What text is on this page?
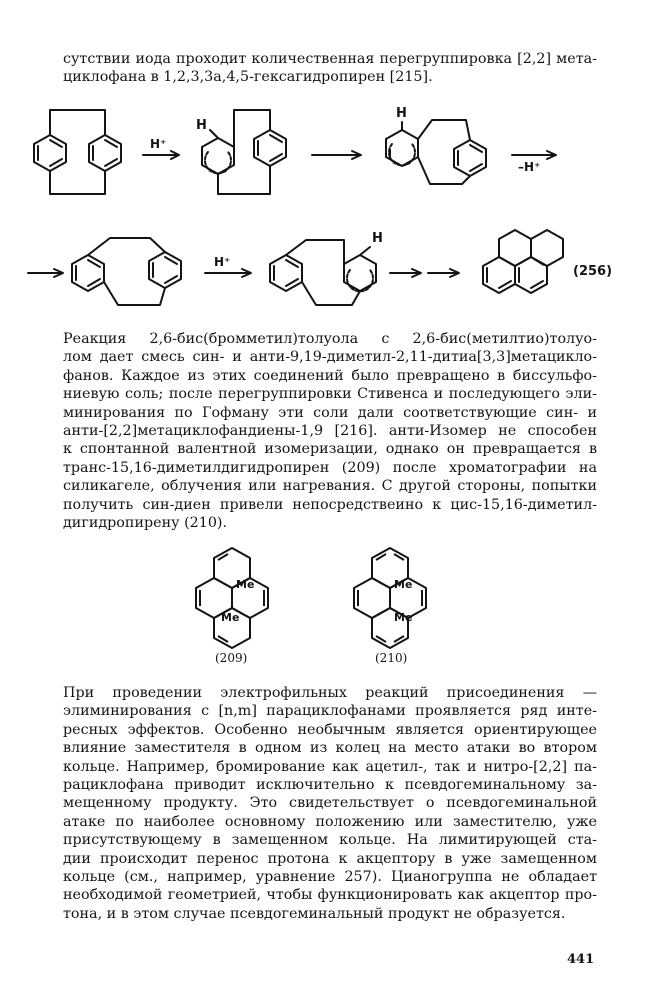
сутствии иода проходит количественная перегруппировка [2,2] мета-
циклофана в 1,2,3,3а,4,5-гексагидропирен [215].
H⁺
H
H
–H⁺
H⁺
H
(256)
Реакция 2,6-бис(бромметил)толуола с 2,6-бис(метилтио)толуо-
лом дает смесь син- и анти-9,19-диметил-2,11-дитиа[3,3]метацикло-
фанов. Каждое из этих соединений было превращено в биссульфо-
ниевую соль; после перегруппировки Стивенса и последующего эли-
минирования по Гофману эти соли дали соответствующие син- и
анти-[2,2]метациклофандиены-1,9 [216]. анти-Изомер не способен
к спонтанной валентной изомеризации, однако он превращается в
транс-15,16-диметилдигидропирен (209) после хроматографии на
силикагеле, облучения или нагревания. С другой стороны, попытки
получить син-диен привели непосредствеино к цис-15,16-диметил-
дигидропирену (210).
Me
Me
Me
Me
(209)	(210)
При проведении электрофильных реакций присоединения —
элиминирования с [n,m] парациклофанами проявляется ряд инте-
ресных эффектов. Особенно необычным является ориентирующее
влияние заместителя в одном из колец на место атаки во втором
кольце. Например, бромирование как ацетил-, так и нитро-[2,2] па-
рациклофана приводит исключительно к псевдогеминальному за-
мещенному продукту. Это свидетельствует о псевдогеминальной
атаке по наиболее основному положению или заместителю, уже
присутствующему в замещенном кольце. На лимитирующей ста-
дии происходит перенос протона к акцептору в уже замещенном
кольце (см., например, уравнение 257). Цианогруппа не обладает
необходимой геометрией, чтобы функционировать как акцептор про-
тона, и в этом случае псевдогеминальный продукт не образуется.
441
